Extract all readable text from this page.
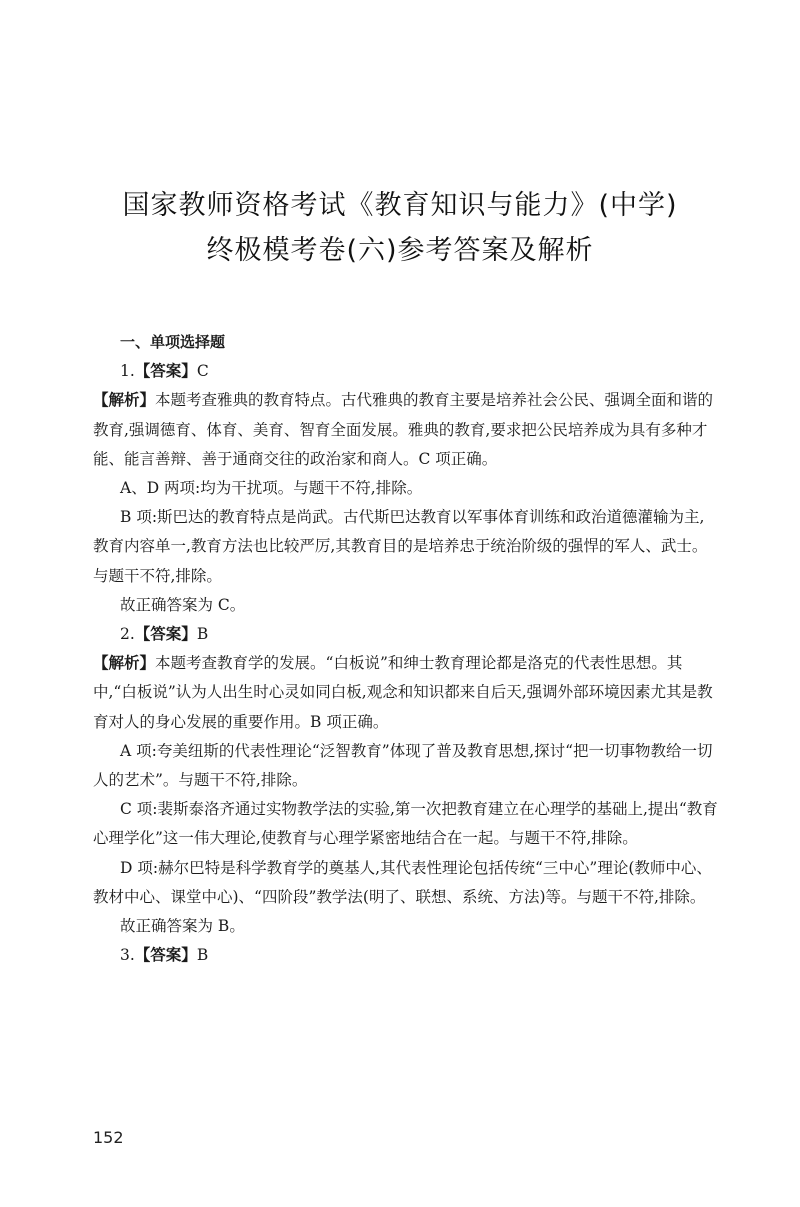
国家教师资格考试《教育知识与能力》(中学)
终极模考卷(六)参考答案及解析

一、单项选择题

1.【答案】C

【解析】本题考查雅典的教育特点。古代雅典的教育主要是培养社会公民、强调全面和谐的教育,强调德育、体育、美育、智育全面发展。雅典的教育,要求把公民培养成为具有多种才能、能言善辩、善于通商交往的政治家和商人。C 项正确。

A、D 两项:均为干扰项。与题干不符,排除。

B 项:斯巴达的教育特点是尚武。古代斯巴达教育以军事体育训练和政治道德灌输为主,教育内容单一,教育方法也比较严厉,其教育目的是培养忠于统治阶级的强悍的军人、武士。与题干不符,排除。

故正确答案为 C。

2.【答案】B

【解析】本题考查教育学的发展。“白板说”和绅士教育理论都是洛克的代表性思想。其中,“白板说”认为人出生时心灵如同白板,观念和知识都来自后天,强调外部环境因素尤其是教育对人的身心发展的重要作用。B 项正确。

A 项:夸美纽斯的代表性理论“泛智教育”体现了普及教育思想,探讨“把一切事物教给一切人的艺术”。与题干不符,排除。

C 项:裴斯泰洛齐通过实物教学法的实验,第一次把教育建立在心理学的基础上,提出“教育心理学化”这一伟大理论,使教育与心理学紧密地结合在一起。与题干不符,排除。

D 项:赫尔巴特是科学教育学的奠基人,其代表性理论包括传统“三中心”理论(教师中心、教材中心、课堂中心)、“四阶段”教学法(明了、联想、系统、方法)等。与题干不符,排除。

故正确答案为 B。

3.【答案】B

152
